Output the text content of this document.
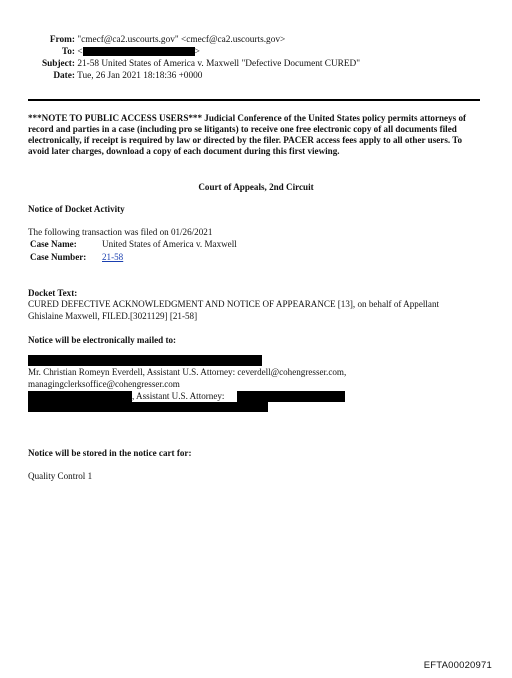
From: "cmecf@ca2.uscourts.gov" <cmecf@ca2.uscourts.gov>
To: <	>
Subject: 21-58 United States of America v. Maxwell "Defective Document CURED"
Date: Tue, 26 Jan 2021 18:18:36 +0000
***NOTE TO PUBLIC ACCESS USERS*** Judicial Conference of the United States policy permits attorneys of record and parties in a case (including pro se litigants) to receive one free electronic copy of all documents filed electronically, if receipt is required by law or directed by the filer. PACER access fees apply to all other users. To avoid later charges, download a copy of each document during this first viewing.
Court of Appeals, 2nd Circuit
Notice of Docket Activity
The following transaction was filed on 01/26/2021
Case Name:	United States of America v. Maxwell
Case Number: 21-58
Docket Text:
CURED DEFECTIVE ACKNOWLEDGMENT AND NOTICE OF APPEARANCE [13], on behalf of Appellant
Ghislaine Maxwell, FILED.[3021129] [21-58]
Notice will be electronically mailed to:
Mr. Christian Romeyn Everdell, Assistant U.S. Attorney: ceverdell@cohengresser.com,
managingclerksoffice@cohengresser.com
, Assistant U.S. Attorney:
Notice will be stored in the notice cart for:
Quality Control 1
EFTA00020971
